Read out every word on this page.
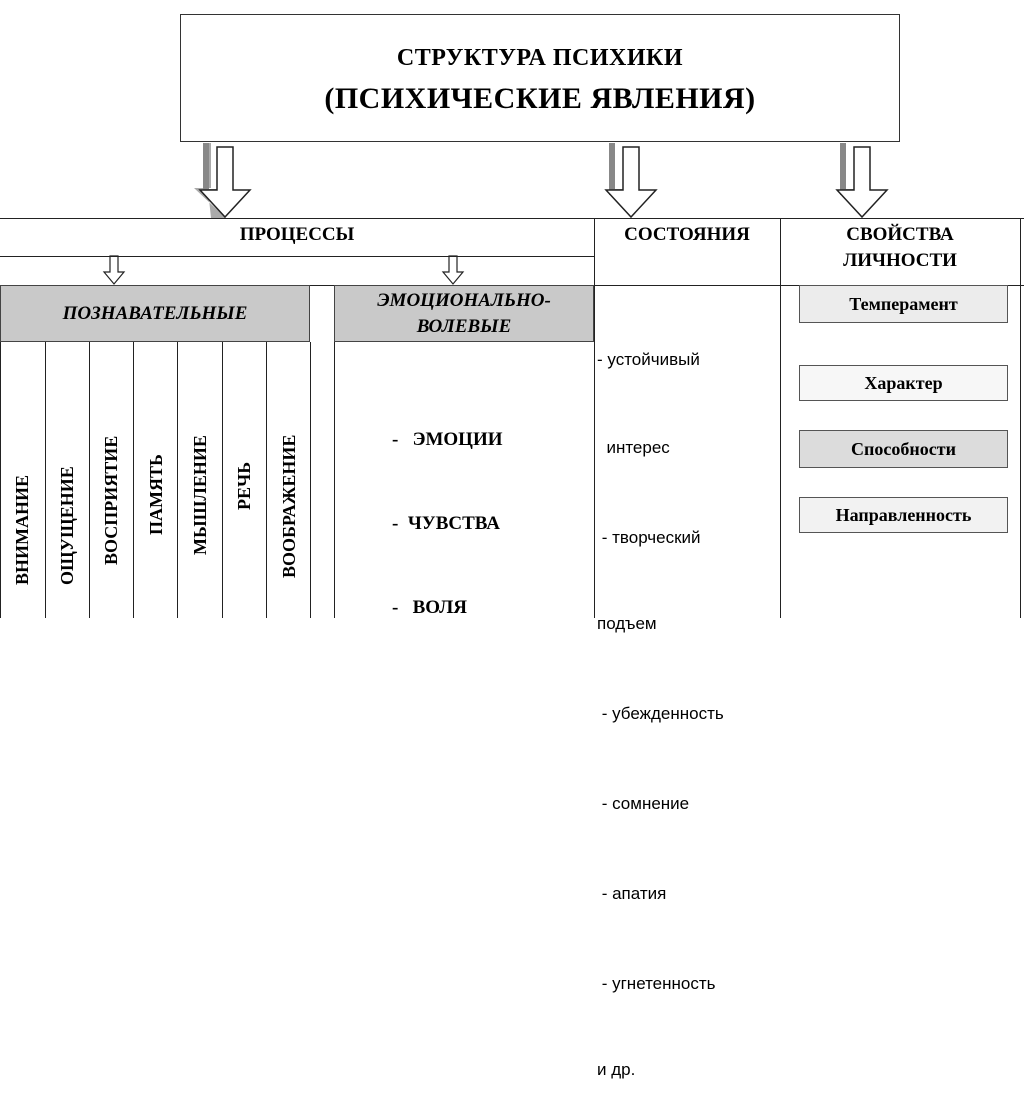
СТРУКТУРА ПСИХИКИ
(ПСИХИЧЕСКИЕ ЯВЛЕНИЯ)
ПРОЦЕССЫ	СОСТОЯНИЯ	СВОЙСТВА
ЛИЧНОСТИ
ПОЗНАВАТЕЛЬНЫЕ
ЭМОЦИОНАЛЬНО-
ВОЛЕВЫЕ
ВНИМАНИЕ ОЩУЩЕНИЕ ВОСПРИЯТИЕ ПАМЯТЬ МЫШЛЕНИЕ РЕЧЬ ВООБРАЖЕНИЕ

	-   ЭМОЦИИ

-  ЧУВСТВА

-   ВОЛЯ

- устойчивый

интерес

- творческий

подъем

- убежденность

- сомнение

- апатия

- угнетенность

и др.

Темперамент
Характер
Способности
Направленность
